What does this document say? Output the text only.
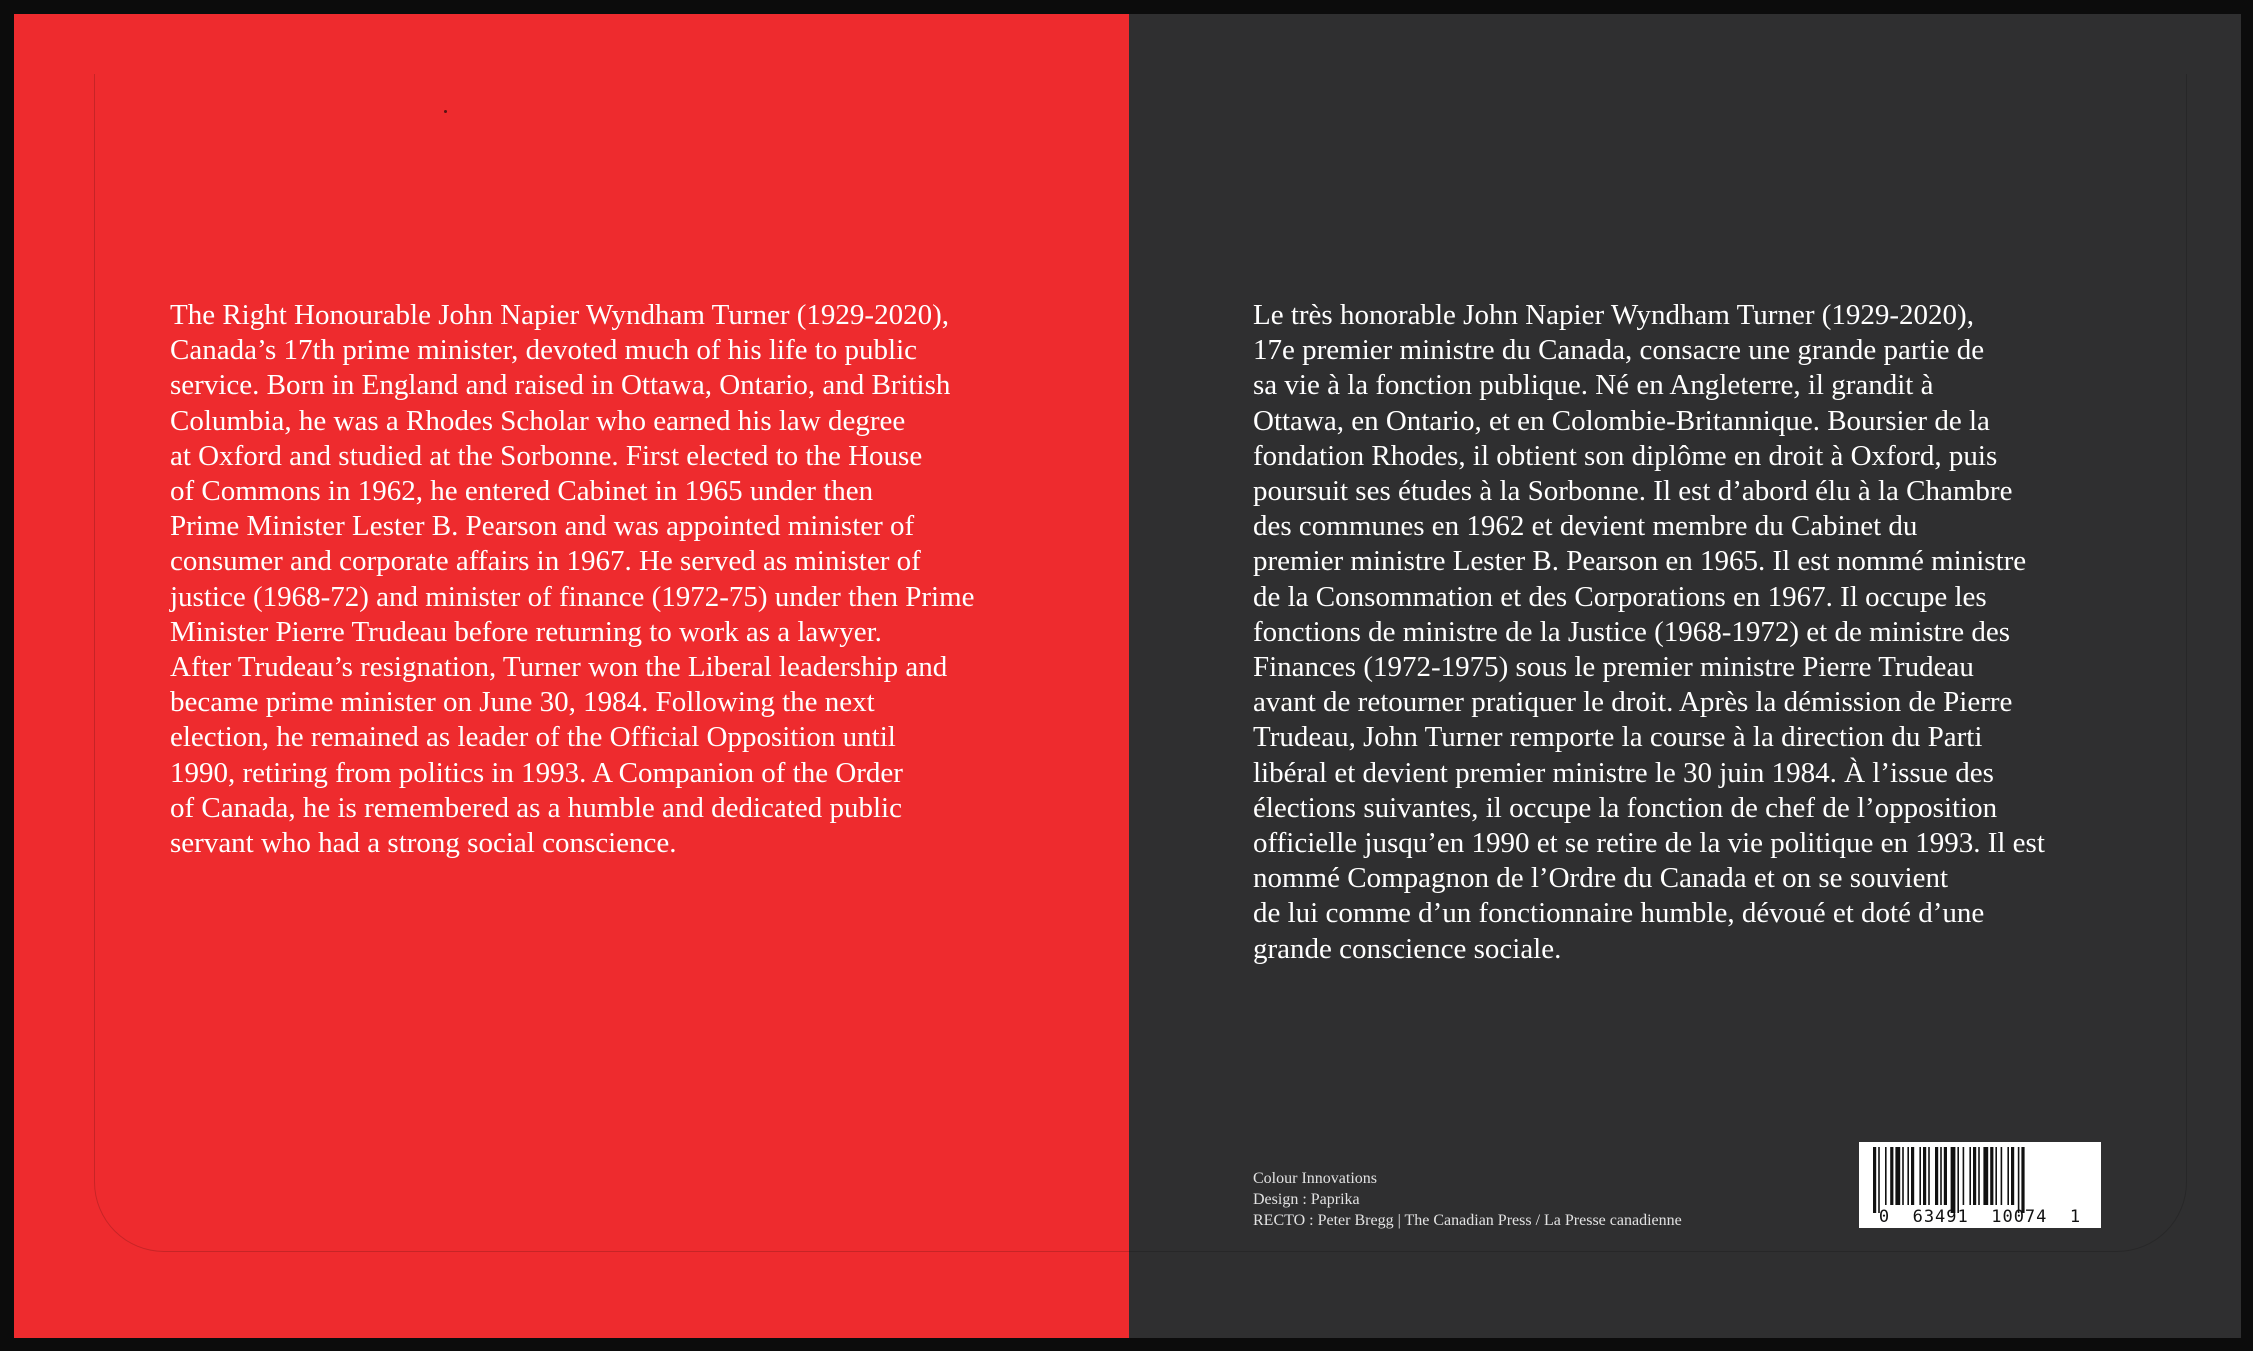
The Right Honourable John Napier Wyndham Turner (1929-2020),
Canada’s 17th prime minister, devoted much of his life to public
service. Born in England and raised in Ottawa, Ontario, and British
Columbia, he was a Rhodes Scholar who earned his law degree
at Oxford and studied at the Sorbonne. First elected to the House
of Commons in 1962, he entered Cabinet in 1965 under then
Prime Minister Lester B. Pearson and was appointed minister of
consumer and corporate affairs in 1967. He served as minister of
justice (1968-72) and minister of finance (1972-75) under then Prime
Minister Pierre Trudeau before returning to work as a lawyer.
After Trudeau’s resignation, Turner won the Liberal leadership and
became prime minister on June 30, 1984. Following the next
election, he remained as leader of the Official Opposition until
1990, retiring from politics in 1993. A Companion of the Order
of Canada, he is remembered as a humble and dedicated public
servant who had a strong social conscience.

Le très honorable John Napier Wyndham Turner (1929-2020),
17e premier ministre du Canada, consacre une grande partie de
sa vie à la fonction publique. Né en Angleterre, il grandit à
Ottawa, en Ontario, et en Colombie-Britannique. Boursier de la
fondation Rhodes, il obtient son diplôme en droit à Oxford, puis
poursuit ses études à la Sorbonne. Il est d’abord élu à la Chambre
des communes en 1962 et devient membre du Cabinet du
premier ministre Lester B. Pearson en 1965. Il est nommé ministre
de la Consommation et des Corporations en 1967. Il occupe les
fonctions de ministre de la Justice (1968-1972) et de ministre des
Finances (1972-1975) sous le premier ministre Pierre Trudeau
avant de retourner pratiquer le droit. Après la démission de Pierre
Trudeau, John Turner remporte la course à la direction du Parti
libéral et devient premier ministre le 30 juin 1984. À l’issue des
élections suivantes, il occupe la fonction de chef de l’opposition
officielle jusqu’en 1990 et se retire de la vie politique en 1993. Il est
nommé Compagnon de l’Ordre du Canada et on se souvient
de lui comme d’un fonctionnaire humble, dévoué et doté d’une
grande conscience sociale.

Colour Innovations
Design : Paprika
RECTO : Peter Bregg | The Canadian Press / La Presse canadienne	0  63491  10074  1
